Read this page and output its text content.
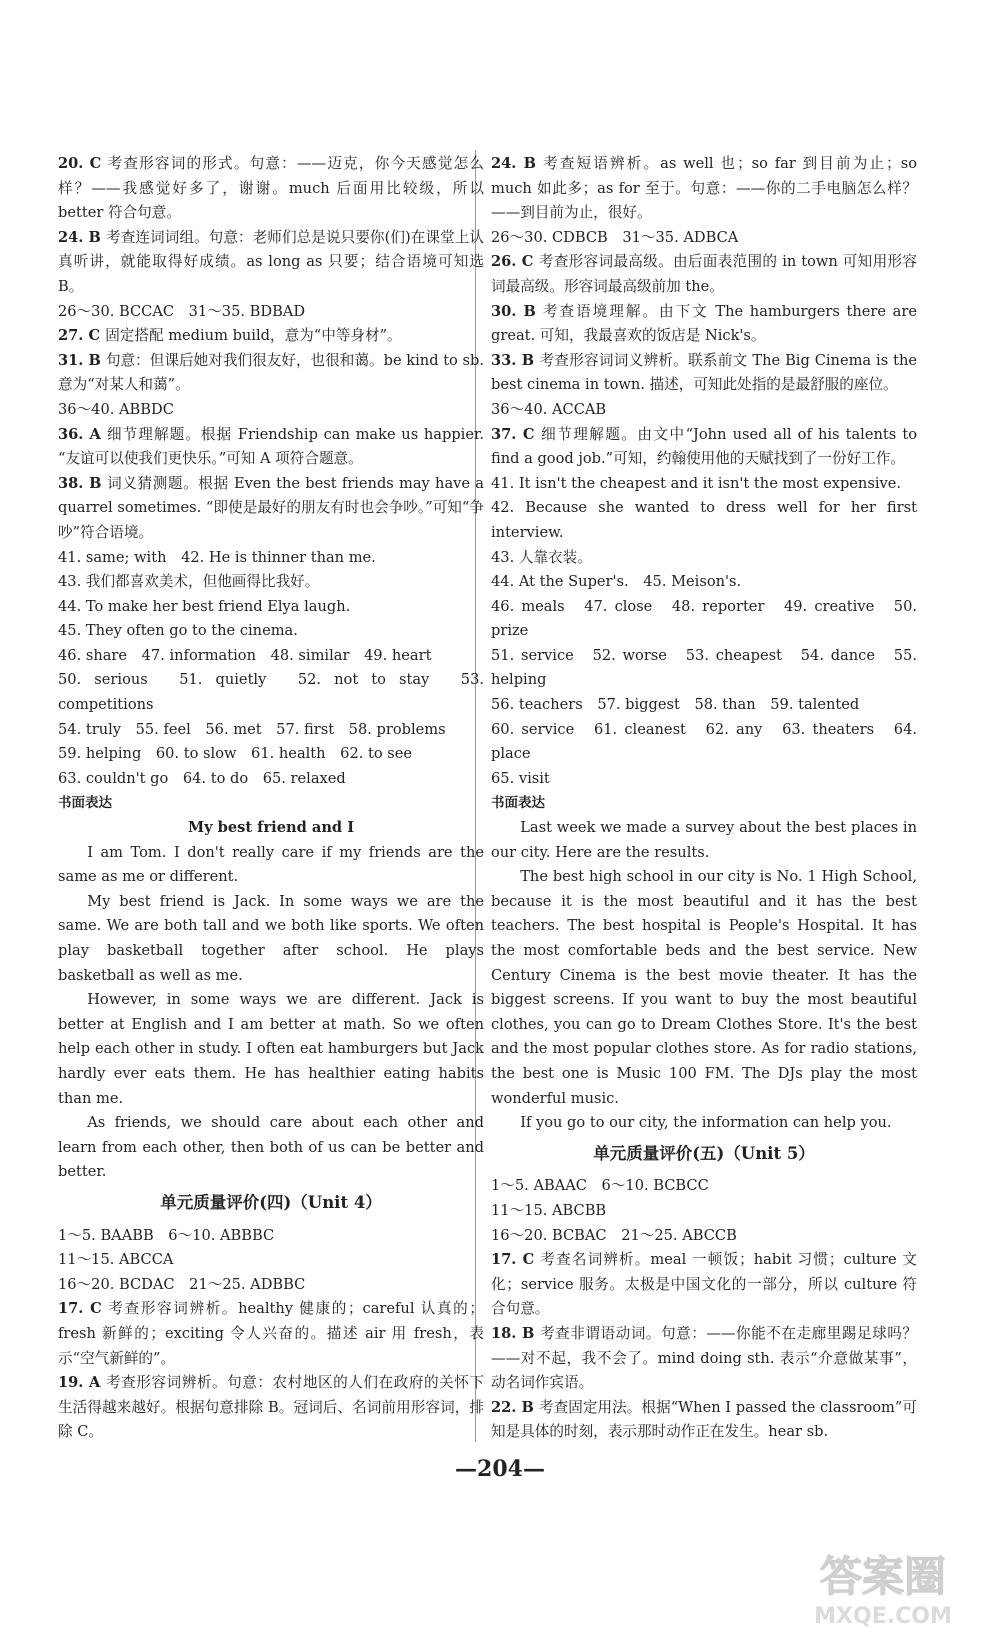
20. C 考查形容词的形式。句意：——迈克，你今天感觉怎么样？——我感觉好多了，谢谢。much 后面用比较级，所以 better 符合句意。

24. B 考查连词词组。句意：老师们总是说只要你(们)在课堂上认真听讲，就能取得好成绩。as long as 只要；结合语境可知选 B。

26～30. BCCAC　31～35. BDBAD

27. C 固定搭配 medium build，意为“中等身材”。

31. B 句意：但课后她对我们很友好，也很和蔼。be kind to sb. 意为“对某人和蔼”。

36～40. ABBDC

36. A 细节理解题。根据 Friendship can make us happier. “友谊可以使我们更快乐。”可知 A 项符合题意。

38. B 词义猜测题。根据 Even the best friends may have a quarrel sometimes. “即使是最好的朋友有时也会争吵。”可知“争吵”符合语境。

41. same; with　42. He is thinner than me.

43. 我们都喜欢美术，但他画得比我好。

44. To make her best friend Elya laugh.

45. They often go to the cinema.

46. share　47. information　48. similar　49. heart

50. serious　51. quietly　52. not to stay　53. competitions

54. truly　55. feel　56. met　57. first　58. problems

59. helping　60. to slow　61. health　62. to see

63. couldn't go　64. to do　65. relaxed

书面表达

My best friend and I

I am Tom. I don't really care if my friends are the same as me or different.

My best friend is Jack. In some ways we are the same. We are both tall and we both like sports. We often play basketball together after school. He plays basketball as well as me.

However, in some ways we are different. Jack is better at English and I am better at math. So we often help each other in study. I often eat hamburgers but Jack hardly ever eats them. He has healthier eating habits than me.

As friends, we should care about each other and learn from each other, then both of us can be better and better.

单元质量评价(四)（Unit 4）

1～5. BAABB　6～10. ABBBC

11～15. ABCCA

16～20. BCDAC　21～25. ADBBC

17. C 考查形容词辨析。healthy 健康的；careful 认真的；fresh 新鲜的；exciting 令人兴奋的。描述 air 用 fresh，表示“空气新鲜的”。

19. A 考查形容词辨析。句意：农村地区的人们在政府的关怀下生活得越来越好。根据句意排除 B。冠词后、名词前用形容词，排除 C。

24. B 考查短语辨析。as well 也；so far 到目前为止；so much 如此多；as for 至于。句意：——你的二手电脑怎么样？——到目前为止，很好。

26～30. CDBCB　31～35. ADBCA

26. C 考查形容词最高级。由后面表范围的 in town 可知用形容词最高级。形容词最高级前加 the。

30. B 考查语境理解。由下文 The hamburgers there are great. 可知，我最喜欢的饭店是 Nick's。

33. B 考查形容词词义辨析。联系前文 The Big Cinema is the best cinema in town. 描述，可知此处指的是最舒服的座位。

36～40. ACCAB

37. C 细节理解题。由文中“John used all of his talents to find a good job.”可知，约翰使用他的天赋找到了一份好工作。

41. It isn't the cheapest and it isn't the most expensive.

42. Because she wanted to dress well for her first interview.

43. 人靠衣装。

44. At the Super's.　45. Meison's.

46. meals　47. close　48. reporter　49. creative　50. prize

51. service　52. worse　53. cheapest　54. dance　55. helping

56. teachers　57. biggest　58. than　59. talented

60. service　61. cleanest　62. any　63. theaters　64. place

65. visit

书面表达

Last week we made a survey about the best places in our city. Here are the results.

The best high school in our city is No. 1 High School, because it is the most beautiful and it has the best teachers. The best hospital is People's Hospital. It has the most comfortable beds and the best service. New Century Cinema is the best movie theater. It has the biggest screens. If you want to buy the most beautiful clothes, you can go to Dream Clothes Store. It's the best and the most popular clothes store. As for radio stations, the best one is Music 100 FM. The DJs play the most wonderful music.

If you go to our city, the information can help you.

单元质量评价(五)（Unit 5）

1～5. ABAAC　6～10. BCBCC

11～15. ABCBB

16～20. BCBAC　21～25. ABCCB

17. C 考查名词辨析。meal 一顿饭；habit 习惯；culture 文化；service 服务。太极是中国文化的一部分，所以 culture 符合句意。

18. B 考查非谓语动词。句意：——你能不在走廊里踢足球吗？——对不起，我不会了。mind doing sth. 表示“介意做某事”，动名词作宾语。

22. B 考查固定用法。根据“When I passed the classroom”可知是具体的时刻，表示那时动作正在发生。hear sb.

—204—
答案圈
MXQE.COM
